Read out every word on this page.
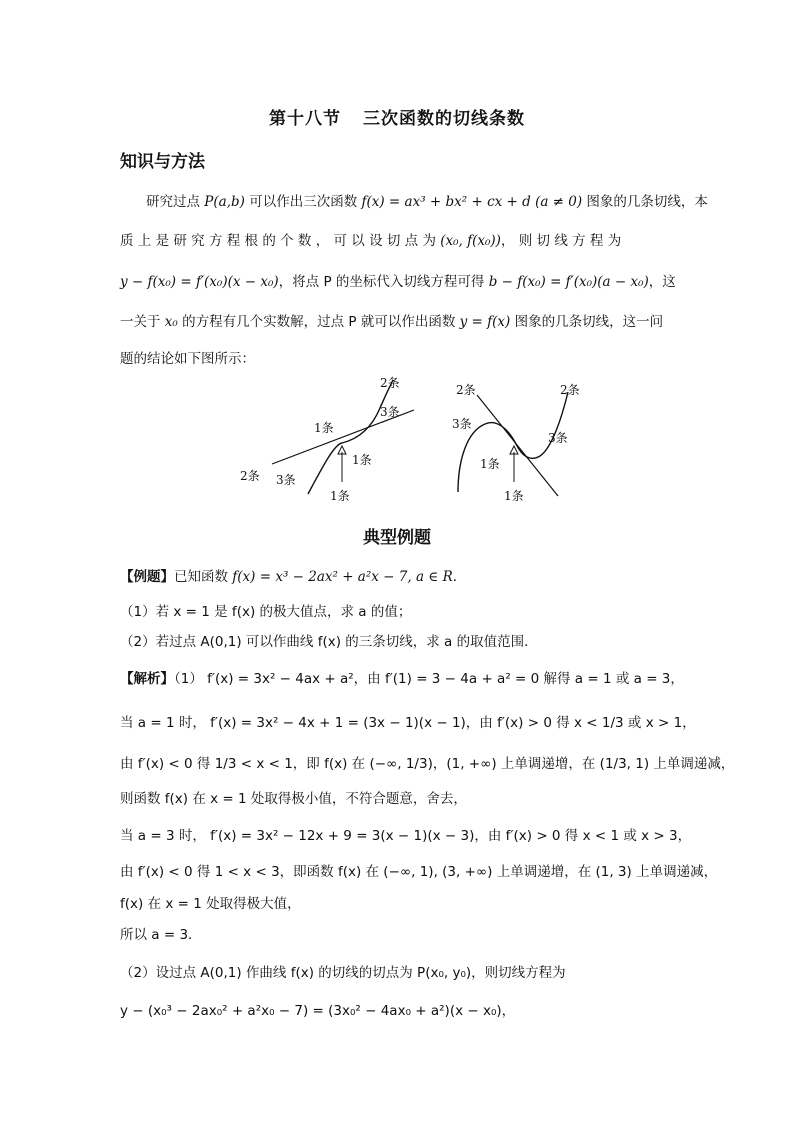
第十八节 三次函数的切线条数
知识与方法
研究过点 P(a,b) 可以作出三次函数 f(x) = ax³ + bx² + cx + d (a ≠ 0) 图象的几条切线，本
质 上 是 研 究 方 程 根 的 个 数 ， 可 以 设 切 点 为 (x₀, f(x₀))， 则 切 线 方 程 为
y − f(x₀) = f′(x₀)(x − x₀)，将点 P 的坐标代入切线方程可得 b − f(x₀) = f′(x₀)(a − x₀)，这
一关于 x₀ 的方程有几个实数解，过点 P 就可以作出函数 y = f(x) 图象的几条切线，这一问
题的结论如下图所示：
2条
3条
1条
1条
1条
2条 3条
2条	2条
3条
1条
3条
1条
典型例题
【例题】已知函数 f(x) = x³ − 2ax² + a²x − 7, a ∈ R．
（1）若 x = 1 是 f(x) 的极大值点，求 a 的值；
（2）若过点 A(0,1) 可以作曲线 f(x) 的三条切线，求 a 的取值范围．
【解析】（1） f′(x) = 3x² − 4ax + a²，由 f′(1) = 3 − 4a + a² = 0 解得 a = 1 或 a = 3，
当 a = 1 时， f′(x) = 3x² − 4x + 1 = (3x − 1)(x − 1)，由 f′(x) > 0 得 x < 1/3 或 x > 1，
由 f′(x) < 0 得 1/3 < x < 1，即 f(x) 在 (−∞, 1/3)，(1, +∞) 上单调递增，在 (1/3, 1) 上单调递减，
则函数 f(x) 在 x = 1 处取得极小值，不符合题意，舍去，
当 a = 3 时， f′(x) = 3x² − 12x + 9 = 3(x − 1)(x − 3)，由 f′(x) > 0 得 x < 1 或 x > 3，
由 f′(x) < 0 得 1 < x < 3，即函数 f(x) 在 (−∞, 1), (3, +∞) 上单调递增，在 (1, 3) 上单调递减，
f(x) 在 x = 1 处取得极大值，
所以 a = 3．
（2）设过点 A(0,1) 作曲线 f(x) 的切线的切点为 P(x₀, y₀)，则切线方程为
y − (x₀³ − 2ax₀² + a²x₀ − 7) = (3x₀² − 4ax₀ + a²)(x − x₀)，
